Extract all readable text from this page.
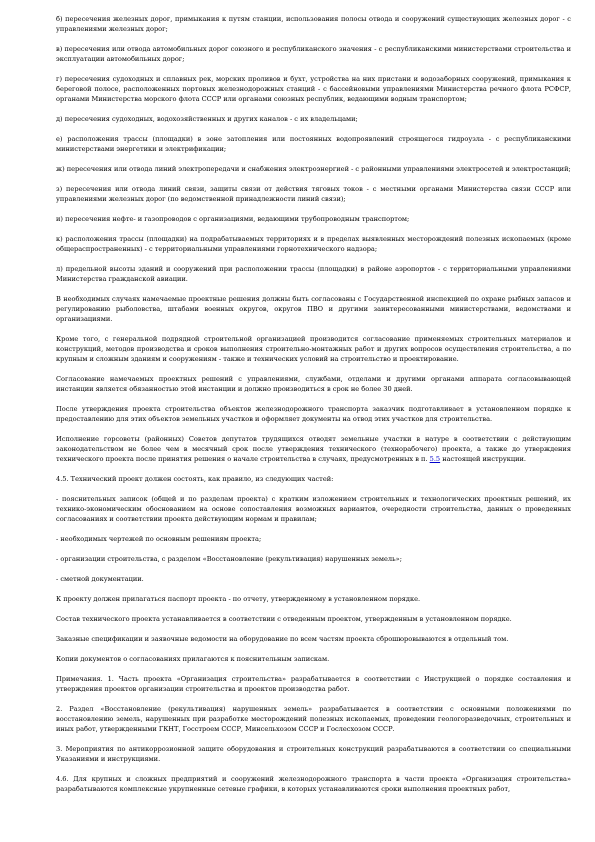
б) пересечения железных дорог, примыкания к путям станции, использования полосы отвода и сооружений существующих железных дорог - с управлениями железных дорог;

в) пересечения или отвода автомобильных дорог союзного и республиканского значения - с республиканскими министерствами строительства и эксплуатации автомобильных дорог;

г) пересечения судоходных и сплавных рек, морских проливов и бухт, устройства на них пристани и водозаборных сооружений, примыкания к береговой полосе, расположенных портовых железнодорожных станций - с бассейновыми управлениями Министерства речного флота РСФСР, органами Министерства морского флота СССР или органами союзных республик, ведающими водным транспортом;

д) пересечения судоходных, водохозяйственных и других каналов - с их владельцами;

е) расположения трассы (площадки) в зоне затопления или постоянных водопроявлений строящегося гидроузла - с республиканскими министерствами энергетики и электрификации;

ж) пересечения или отвода линий электропередачи и снабжения электроэнергией - с районными управлениями электросетей и электростанций;

з) пересечения или отвода линий связи, защиты связи от действия тяговых токов - с местными органами Министерства связи СССР или управлениями железных дорог (по ведомственной принадлежности линий связи);

и) пересечения нефте- и газопроводов с организациями, ведающими трубопроводным транспортом;

к) расположения трассы (площадки) на подрабатываемых территориях и в пределах выявленных месторождений полезных ископаемых (кроме общераспространенных) - с территориальными управлениями горнотехнического надзора;

л) предельной высоты зданий и сооружений при расположении трассы (площадки) в районе аэропортов - с территориальными управлениями Министерства гражданской авиации.

В необходимых случаях намечаемые проектные решения должны быть согласованы с Государственной инспекцией по охране рыбных запасов и регулированию рыболовства, штабами военных округов, округов ПВО и другими заинтересованными министерствами, ведомствами и организациями.

Кроме того, с генеральной подрядной строительной организацией производится согласование применяемых строительных материалов и конструкций, методов производства и сроков выполнения строительно-монтажных работ и других вопросов осуществления строительства, а по крупным и сложным зданиям и сооружениям - также и технических условий на строительство и проектирование.

Согласование намечаемых проектных решений с управлениями, службами, отделами и другими органами аппарата согласовывающей инстанции является обязанностью этой инстанции и должно производиться в срок не более 30 дней.

После утверждения проекта строительства объектов железнодорожного транспорта заказчик подготавливает в установленном порядке к предоставлению для этих объектов земельных участков и оформляет документы на отвод этих участков для строительства.

Исполнение горсоветы (районных) Советов депутатов трудящихся отводят земельные участки в натуре в соответствии с действующим законодательством не более чем в месячный срок после утверждения технического (технорабочего) проекта, а также до утверждения технического проекта после принятия решения о начале строительства в случаях, предусмотренных в п. 5.5 настоящей инструкции.

4.5. Технический проект должен состоять, как правило, из следующих частей:

- пояснительных записок (общей и по разделам проекта) с кратким изложением строительных и технологических проектных решений, их технико-экономическим обоснованием на основе сопоставления возможных вариантов, очередности строительства, данных о проведенных согласованиях и соответствии проекта действующим нормам и правилам;

- необходимых чертежей по основным решениям проекта;

- организации строительства, с разделом «Восстановление (рекультивация) нарушенных земель»;

- сметной документации.

К проекту должен прилагаться паспорт проекта - по отчету, утвержденному в установленном порядке.

Состав технического проекта устанавливается в соответствии с отведенным проектом, утвержденным в установленном порядке.

Заказные спецификации и заявочные ведомости на оборудование по всем частям проекта сброшюровываются в отдельный том.

Копии документов о согласованиях прилагаются к пояснительным запискам.

Примечания. 1. Часть проекта «Организация строительства» разрабатывается в соответствии с Инструкцией о порядке составления и утверждения проектов организации строительства и проектов производства работ.

2. Раздел «Восстановление (рекультивация) нарушенных земель» разрабатывается в соответствии с основными положениями по восстановлению земель, нарушенных при разработке месторождений полезных ископаемых, проведении геологоразведочных, строительных и иных работ, утвержденными ГКНТ, Госстроем СССР, Минсельхозом СССР и Гослесхозом СССР.

3. Мероприятия по антикоррозионной защите оборудования и строительных конструкций разрабатываются в соответствии со специальными Указаниями и инструкциями.

4.6. Для крупных и сложных предприятий и сооружений железнодорожного транспорта в части проекта «Организация строительства» разрабатываются комплексные укрупненные сетевые графики, в которых устанавливаются сроки выполнения проектных работ,
